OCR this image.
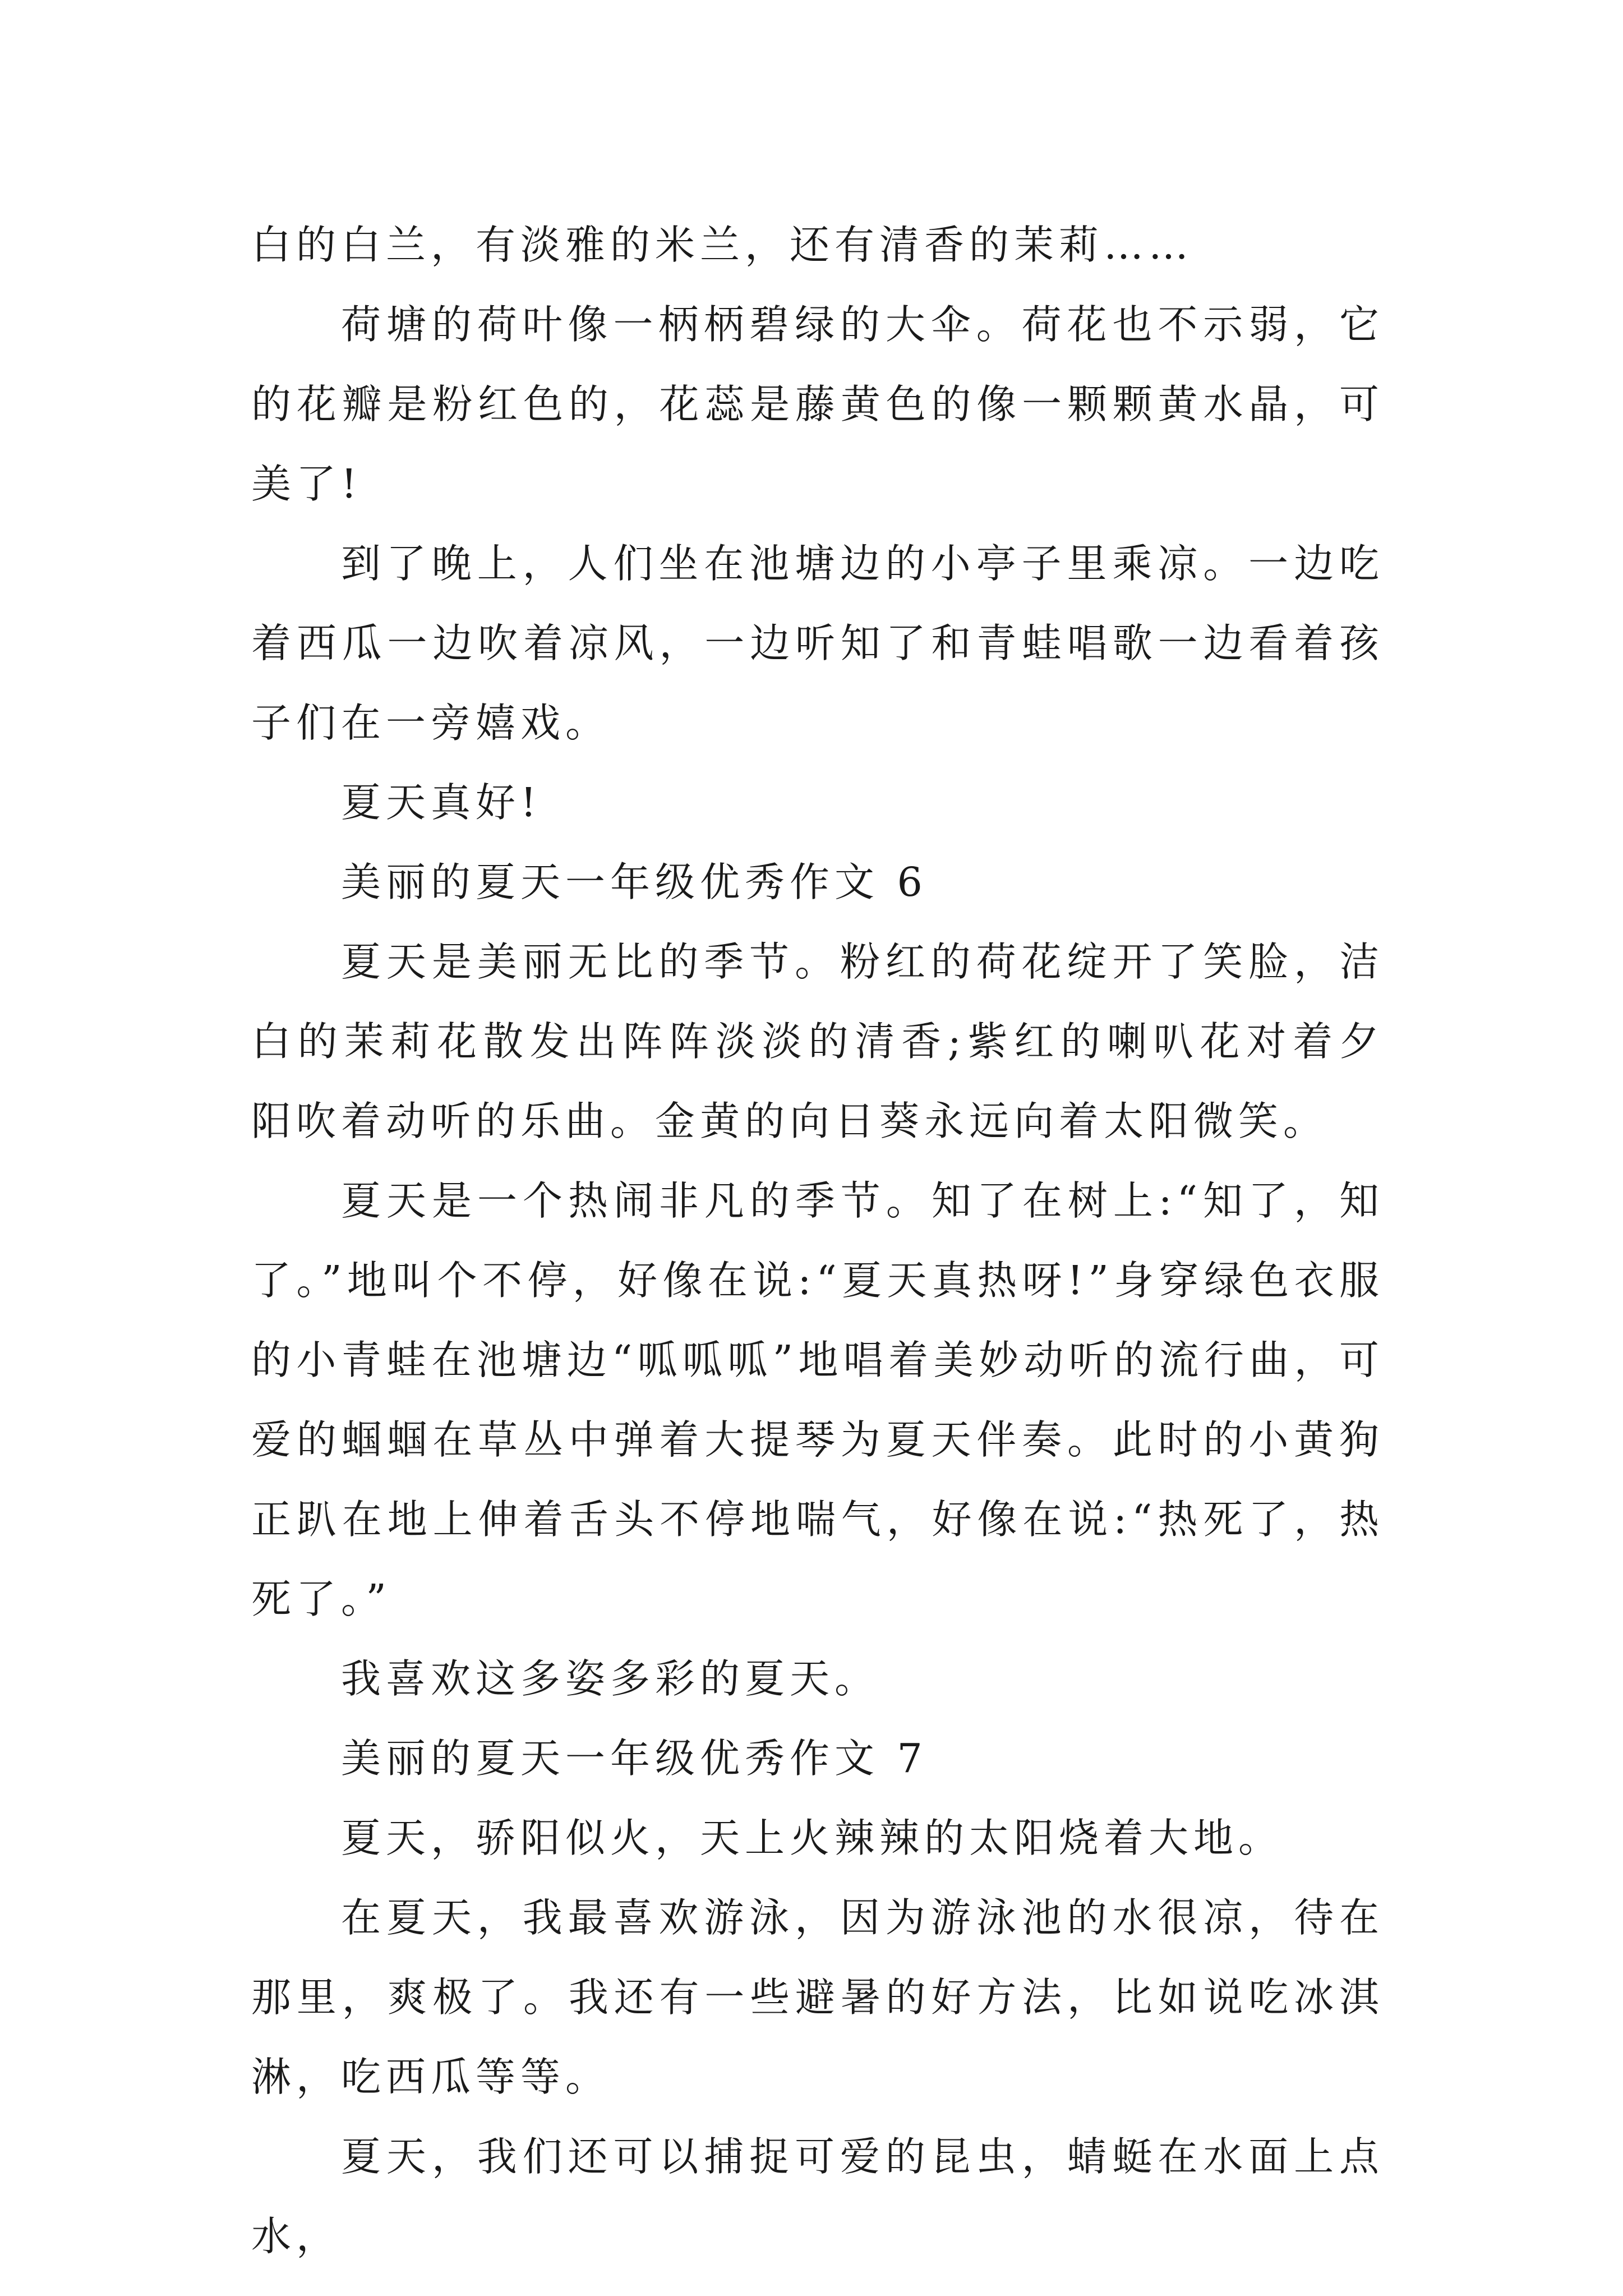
白的白兰，有淡雅的米兰，还有清香的茉莉……

荷塘的荷叶像一柄柄碧绿的大伞。荷花也不示弱，它的花瓣是粉红色的，花蕊是藤黄色的像一颗颗黄水晶，可美了!

到了晚上，人们坐在池塘边的小亭子里乘凉。一边吃着西瓜一边吹着凉风，一边听知了和青蛙唱歌一边看着孩子们在一旁嬉戏。

夏天真好!

美丽的夏天一年级优秀作文 6

夏天是美丽无比的季节。粉红的荷花绽开了笑脸，洁白的茉莉花散发出阵阵淡淡的清香;紫红的喇叭花对着夕阳吹着动听的乐曲。金黄的向日葵永远向着太阳微笑。

夏天是一个热闹非凡的季节。知了在树上:“知了，知了。”地叫个不停，好像在说:“夏天真热呀!”身穿绿色衣服的小青蛙在池塘边“呱呱呱”地唱着美妙动听的流行曲，可爱的蝈蝈在草丛中弹着大提琴为夏天伴奏。此时的小黄狗正趴在地上伸着舌头不停地喘气，好像在说:“热死了，热死了。”

我喜欢这多姿多彩的夏天。

美丽的夏天一年级优秀作文 7

夏天，骄阳似火，天上火辣辣的太阳烧着大地。

在夏天，我最喜欢游泳，因为游泳池的水很凉，待在那里，爽极了。我还有一些避暑的好方法，比如说吃冰淇淋，吃西瓜等等。

夏天，我们还可以捕捉可爱的昆虫，蜻蜓在水面上点水，
